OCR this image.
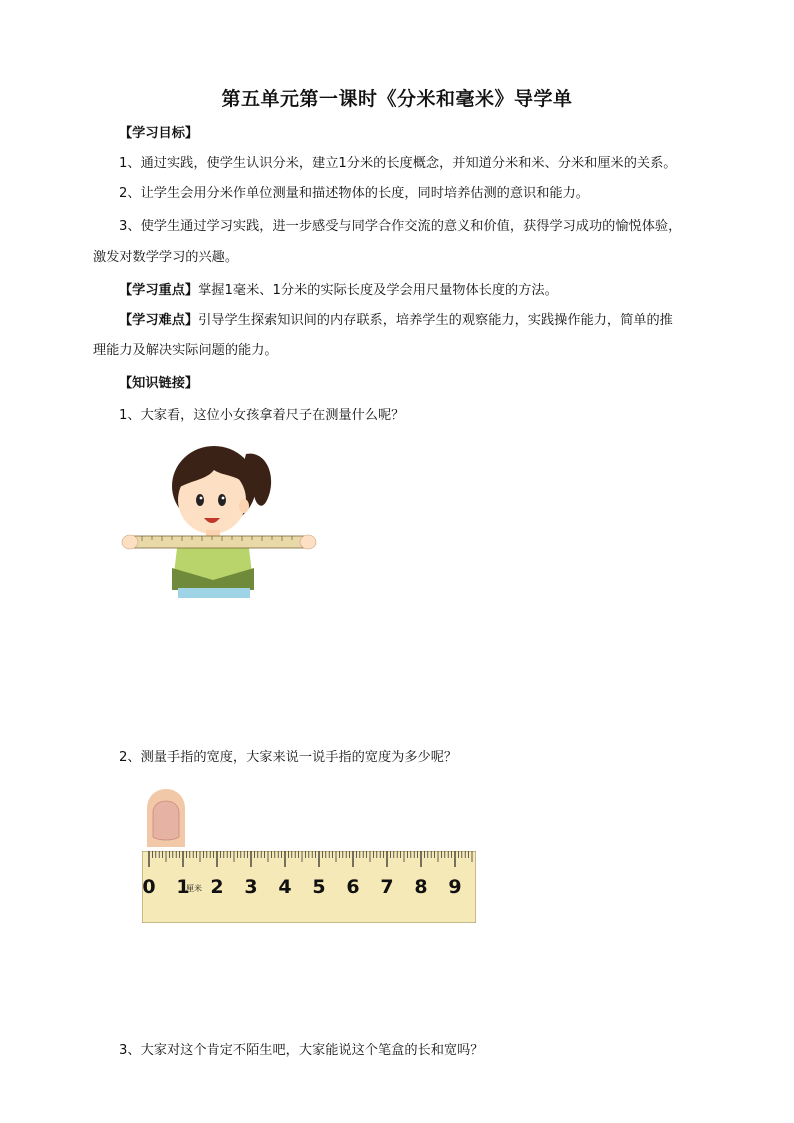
第五单元第一课时《分米和毫米》导学单
【学习目标】
1、通过实践，使学生认识分米，建立1分米的长度概念，并知道分米和米、分米和厘米的关系。
2、让学生会用分米作单位测量和描述物体的长度，同时培养估测的意识和能力。
3、使学生通过学习实践，进一步感受与同学合作交流的意义和价值，获得学习成功的愉悦体验，
激发对数学学习的兴趣。
【学习重点】掌握1毫米、1分米的实际长度及学会用尺量物体长度的方法。
【学习难点】引导学生探索知识间的内存联系，培养学生的观察能力，实践操作能力，简单的推
理能力及解决实际问题的能力。
【知识链接】
1、大家看，这位小女孩拿着尺子在测量什么呢？
2、测量手指的宽度，大家来说一说手指的宽度为多少呢？
0 1 2 3 4 5 6 7 8 9
厘米
3、大家对这个肯定不陌生吧，大家能说这个笔盒的长和宽吗？
